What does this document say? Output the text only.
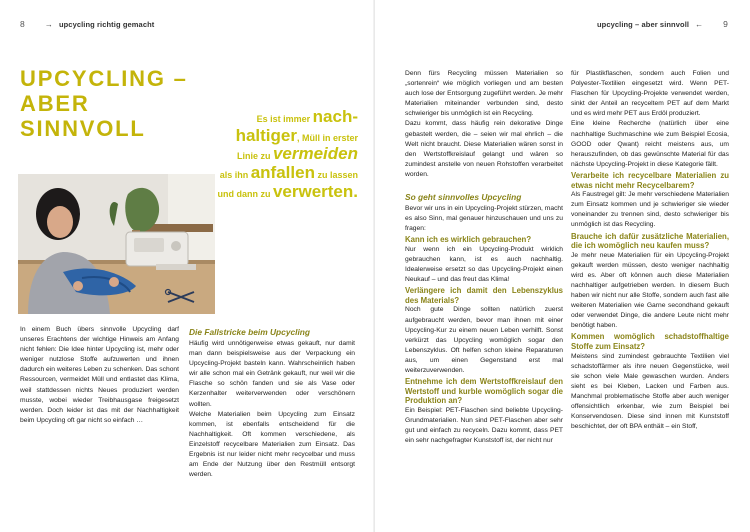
8	→ upcycling richtig gemacht
UPCYCLING – ABER SINNVOLL	Es ist immer nach-
haltiger, Müll in erster
Linie zu vermeiden
als ihn anfallen zu lassen
und dann zu verwerten.

In einem Buch übers sinnvolle Upcycling darf unseres Erachtens der wichtige Hinweis am Anfang nicht fehlen: Die Idee hinter Upcycling ist, mehr oder weniger nutzlose Stoffe aufzuwerten und ihnen dadurch ein weiteres Leben zu schenken. Das schont Ressourcen, vermeidet Müll und entlastet das Klima, weil stattdessen nichts Neues produziert werden musste, wobei wieder Treibhausgase freigesetzt werden. Doch leider ist das mit der Nachhaltigkeit beim Upcycling oft gar nicht so einfach …

Die Fallstricke beim Upcycling

Häufig wird unnötigerweise etwas gekauft, nur damit man dann beispielsweise aus der Verpackung ein Upcycling-Projekt basteln kann. Wahrscheinlich haben wir alle schon mal ein Getränk gekauft, nur weil wir die Flasche so schön fanden und sie als Vase oder Kerzenhalter weiterverwenden oder verschönern wollten.

Welche Materialien beim Upcycling zum Einsatz kommen, ist ebenfalls entscheidend für die Nachhaltigkeit. Oft kommen verschiedene, als Einzelstoff recycelbare Materialien zum Einsatz. Das Ergebnis ist nur leider nicht mehr recycelbar und muss am Ende der Nutzung über den Restmüll entsorgt werden.

upcycling – aber sinnvoll ← 9

Denn fürs Recycling müssen Materialien so „sortenrein“ wie möglich vorliegen und am besten auch lose der Entsorgung zugeführt werden. Je mehr Materialien miteinander verbunden sind, desto schwieriger bis unmöglich ist ein Recycling.

Dazu kommt, dass häufig rein dekorative Dinge gebastelt werden, die – seien wir mal ehrlich – die Welt nicht braucht. Diese Materialien wären sonst in den Wertstoffkreislauf gelangt und wären so zumindest anstelle von neuen Rohstoffen verarbeitet worden.

So geht sinnvolles Upcycling

Bevor wir uns in ein Upcycling-Projekt stürzen, macht es also Sinn, mal genauer hinzuschauen und uns zu fragen:

Kann ich es wirklich gebrauchen?

Nur wenn ich ein Upcycling-Produkt wirklich gebrauchen kann, ist es auch nachhaltig. Idealerweise ersetzt so das Upcycling-Projekt einen Neukauf – und das freut das Klima!

Verlängere ich damit den Lebenszyklus des Materials?

Noch gute Dinge sollten natürlich zuerst aufgebraucht werden, bevor man ihnen mit einer Upcycling-Kur zu einem neuen Leben verhilft. Sonst verkürzt das Upcycling womöglich sogar den Lebenszyklus. Oft helfen schon kleine Reparaturen aus, um einen Gegenstand erst mal weiterzuverwenden.

Entnehme ich dem Wertstoffkreislauf den Wertstoff und kurble womöglich sogar die Produktion an?

Ein Beispiel: PET-Flaschen sind beliebte Upcycling-Grundmaterialien. Nun sind PET-Flaschen aber sehr gut und einfach zu recyceln. Dazu kommt, dass PET ein sehr nachgefragter Kunststoff ist, der nicht nur

für Plastikflaschen, sondern auch Folien und Polyester-Textilien eingesetzt wird. Wenn PET-Flaschen für Upcycling-Projekte verwendet werden, sinkt der Anteil an recyceltem PET auf dem Markt und es wird mehr PET aus Erdöl produziert.

Eine kleine Recherche (natürlich über eine nachhaltige Suchmaschine wie zum Beispiel Ecosia, GOOD oder Qwant) reicht meistens aus, um herauszufinden, ob das gewünschte Material für das nächste Upcycling-Projekt in diese Kategorie fällt.

Verarbeite ich recycelbare Materialien zu etwas nicht mehr Recycelbarem?

Als Faustregel gilt: Je mehr verschiedene Materialien zum Einsatz kommen und je schwieriger sie wieder voneinander zu trennen sind, desto schwieriger bis unmöglich ist das Recycling.

Brauche ich dafür zusätzliche Materialien, die ich womöglich neu kaufen muss?

Je mehr neue Materialien für ein Upcycling-Projekt gekauft werden müssen, desto weniger nachhaltig wird es. Aber oft können auch diese Materialien nachhaltiger aufgetrieben werden. In diesem Buch haben wir nicht nur alle Stoffe, sondern auch fast alle weiteren Materialien wie Garne secondhand gekauft oder verwendet Dinge, die andere Leute nicht mehr benötigt haben.

Kommen womöglich schadstoffhaltige Stoffe zum Einsatz?

Meistens sind zumindest gebrauchte Textilien viel schadstoffärmer als ihre neuen Gegenstücke, weil sie schon viele Male gewaschen wurden. Anders sieht es bei Kleben, Lacken und Farben aus. Manchmal problematische Stoffe aber auch weniger offensichtlich erkenbar, wie zum Beispiel bei Konservendosen. Diese sind innen mit Kunststoff beschichtet, der oft BPA enthält – ein Stoff,
